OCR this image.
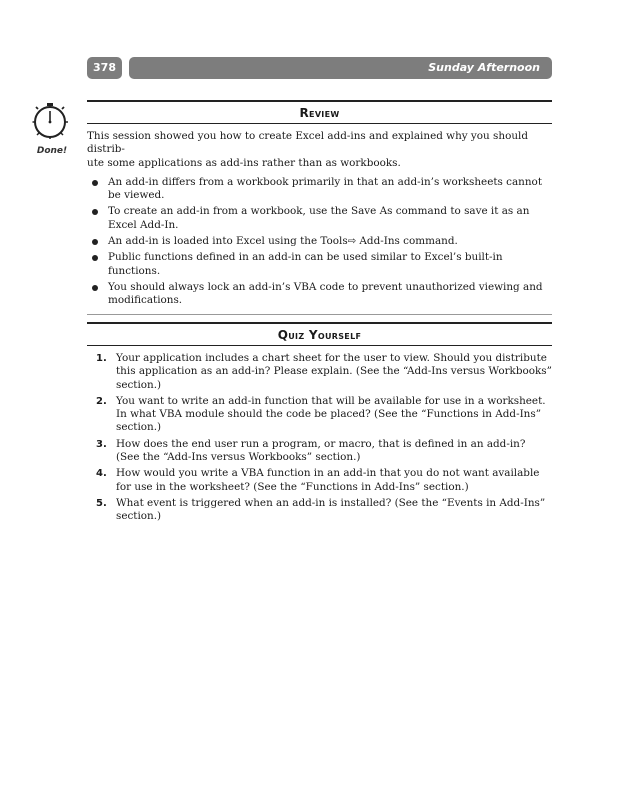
378	Sunday Afternoon
Done!
Review

This session showed you how to create Excel add-ins and explained why you should distrib-
ute some applications as add-ins rather than as workbooks.

An add-in differs from a workbook primarily in that an add-in’s worksheets cannot
be viewed.
To create an add-in from a workbook, use the Save As command to save it as an
Excel Add-In.
An add-in is loaded into Excel using the Tools⇨ Add-Ins command.
Public functions defined in an add-in can be used similar to Excel’s built-in
functions.
You should always lock an add-in’s VBA code to prevent unauthorized viewing and
modifications.
Quiz Yourself
1. Your application includes a chart sheet for the user to view. Should you distribute
this application as an add-in? Please explain. (See the “Add-Ins versus Workbooks”
section.)
2. You want to write an add-in function that will be available for use in a worksheet.
In what VBA module should the code be placed? (See the “Functions in Add-Ins”
section.)
3. How does the end user run a program, or macro, that is defined in an add-in?
(See the “Add-Ins versus Workbooks” section.)
4. How would you write a VBA function in an add-in that you do not want available
for use in the worksheet? (See the “Functions in Add-Ins” section.)
5. What event is triggered when an add-in is installed? (See the “Events in Add-Ins”
section.)
